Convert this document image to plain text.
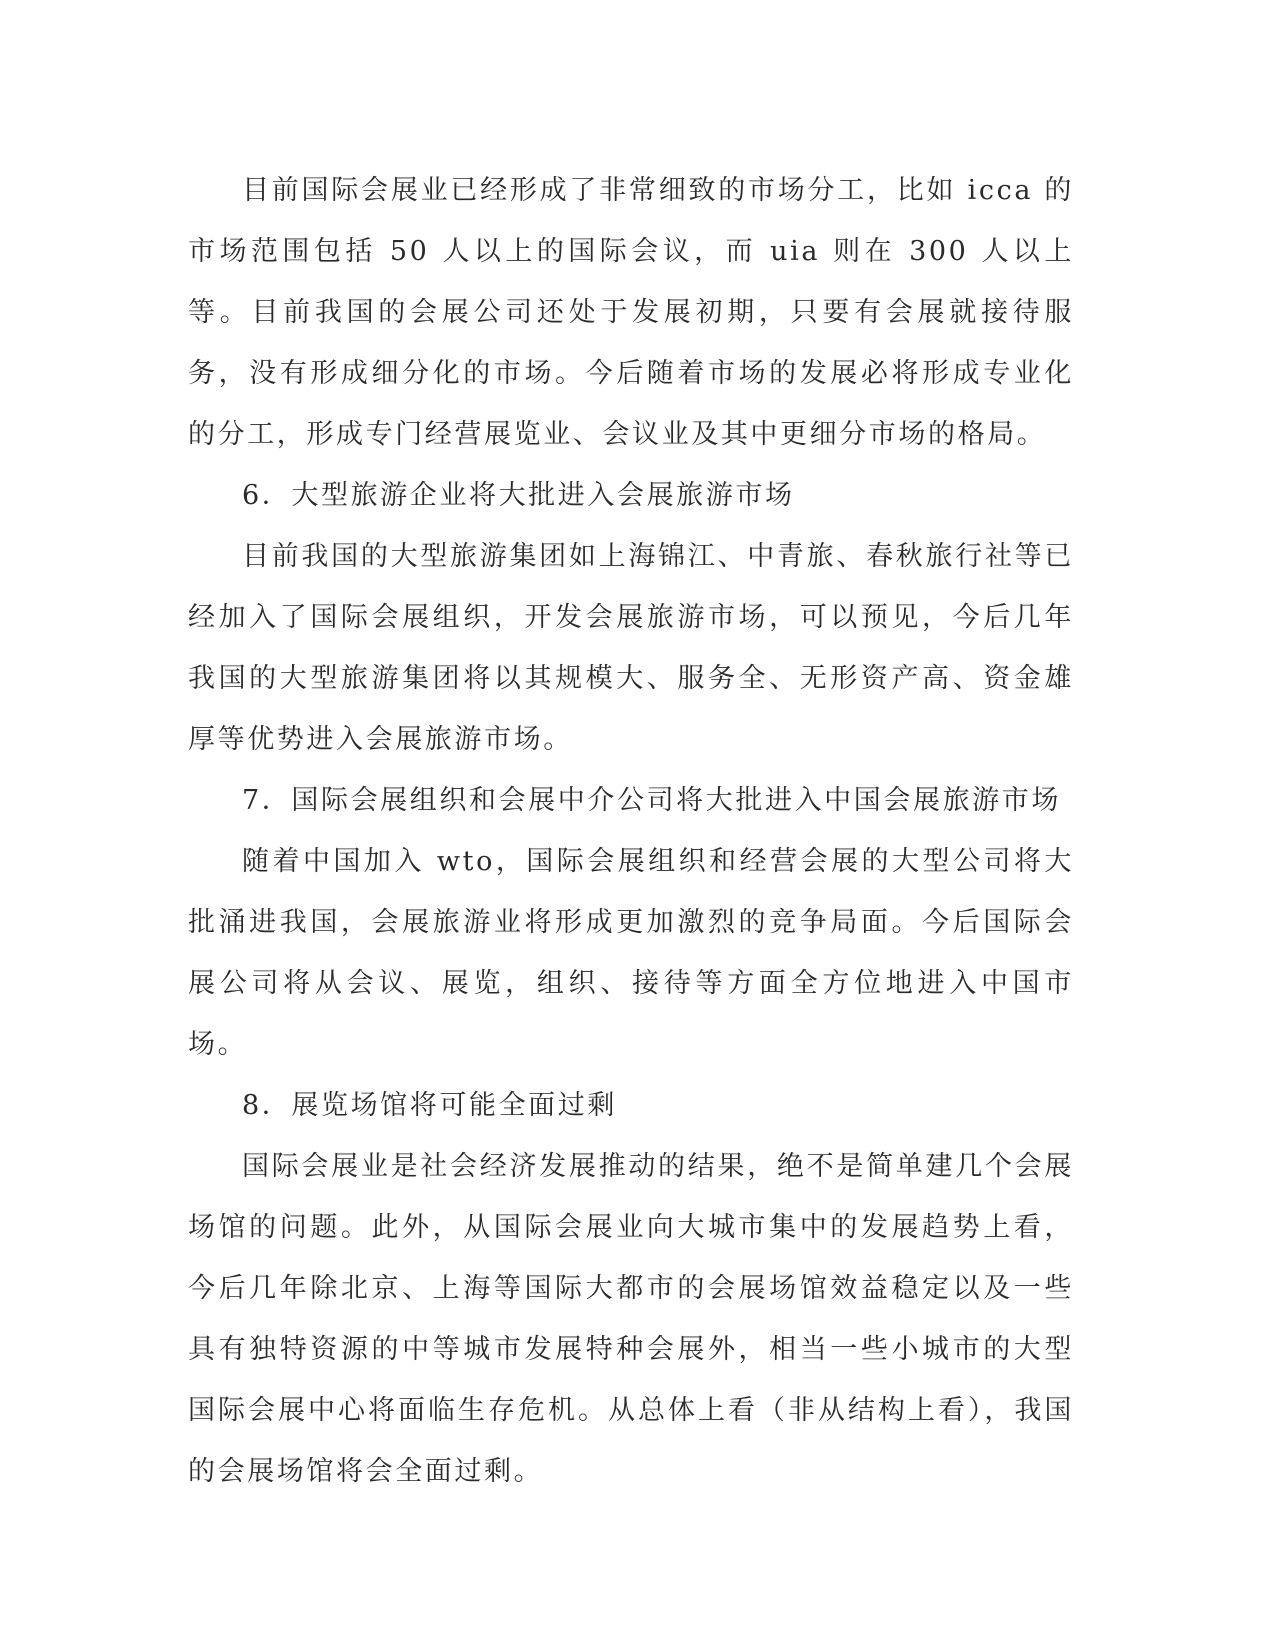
目前国际会展业已经形成了非常细致的市场分工，比如 icca 的市场范围包括 50 人以上的国际会议，而 uia 则在 300 人以上等。目前我国的会展公司还处于发展初期，只要有会展就接待服务，没有形成细分化的市场。今后随着市场的发展必将形成专业化的分工，形成专门经营展览业、会议业及其中更细分市场的格局。

6．大型旅游企业将大批进入会展旅游市场

目前我国的大型旅游集团如上海锦江、中青旅、春秋旅行社等已经加入了国际会展组织，开发会展旅游市场，可以预见，今后几年我国的大型旅游集团将以其规模大、服务全、无形资产高、资金雄厚等优势进入会展旅游市场。

7．国际会展组织和会展中介公司将大批进入中国会展旅游市场

随着中国加入 wto，国际会展组织和经营会展的大型公司将大批涌进我国，会展旅游业将形成更加激烈的竞争局面。今后国际会展公司将从会议、展览，组织、接待等方面全方位地进入中国市场。

8．展览场馆将可能全面过剩

国际会展业是社会经济发展推动的结果，绝不是简单建几个会展场馆的问题。此外，从国际会展业向大城市集中的发展趋势上看，今后几年除北京、上海等国际大都市的会展场馆效益稳定以及一些具有独特资源的中等城市发展特种会展外，相当一些小城市的大型国际会展中心将面临生存危机。从总体上看（非从结构上看），我国的会展场馆将会全面过剩。
